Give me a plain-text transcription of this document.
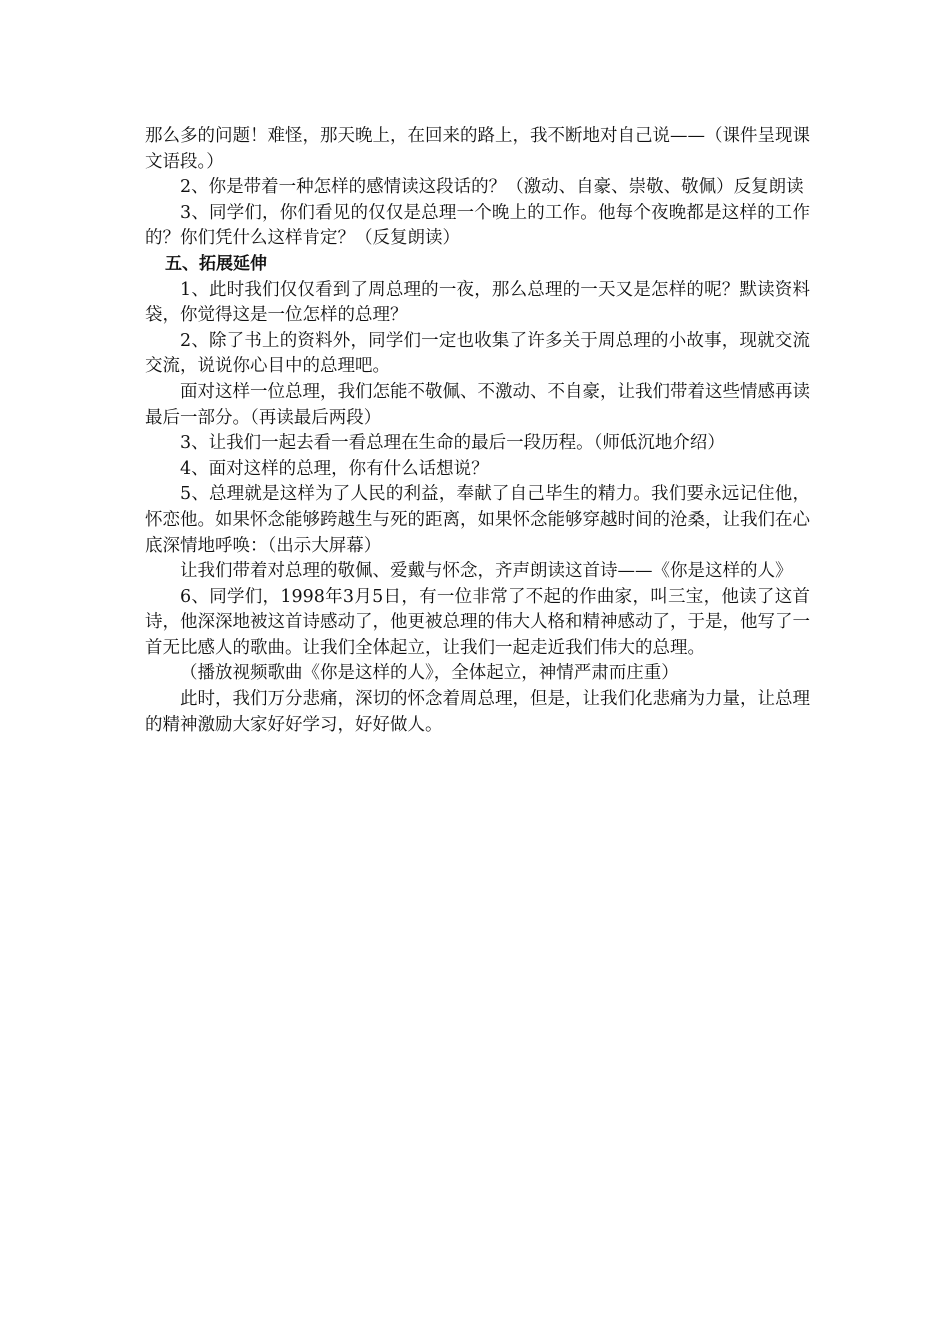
那么多的问题！难怪，那天晚上，在回来的路上，我不断地对自己说——（课件呈现课文语段。）

2、你是带着一种怎样的感情读这段话的？（激动、自豪、崇敬、敬佩）反复朗读

3、同学们，你们看见的仅仅是总理一个晚上的工作。他每个夜晚都是这样的工作的？你们凭什么这样肯定？（反复朗读）

五、拓展延伸

1、此时我们仅仅看到了周总理的一夜，那么总理的一天又是怎样的呢？默读资料袋，你觉得这是一位怎样的总理？

2、除了书上的资料外，同学们一定也收集了许多关于周总理的小故事，现就交流交流，说说你心目中的总理吧。

面对这样一位总理，我们怎能不敬佩、不激动、不自豪，让我们带着这些情感再读最后一部分。（再读最后两段）

3、让我们一起去看一看总理在生命的最后一段历程。（师低沉地介绍）

4、面对这样的总理，你有什么话想说？

5、总理就是这样为了人民的利益，奉献了自己毕生的精力。我们要永远记住他，怀恋他。如果怀念能够跨越生与死的距离，如果怀念能够穿越时间的沧桑，让我们在心底深情地呼唤：（出示大屏幕）

让我们带着对总理的敬佩、爱戴与怀念，齐声朗读这首诗——《你是这样的人》

6、同学们，1998年3月5日，有一位非常了不起的作曲家，叫三宝，他读了这首诗，他深深地被这首诗感动了，他更被总理的伟大人格和精神感动了，于是，他写了一首无比感人的歌曲。让我们全体起立，让我们一起走近我们伟大的总理。

（播放视频歌曲《你是这样的人》，全体起立，神情严肃而庄重）

此时，我们万分悲痛，深切的怀念着周总理，但是，让我们化悲痛为力量，让总理的精神激励大家好好学习，好好做人。
